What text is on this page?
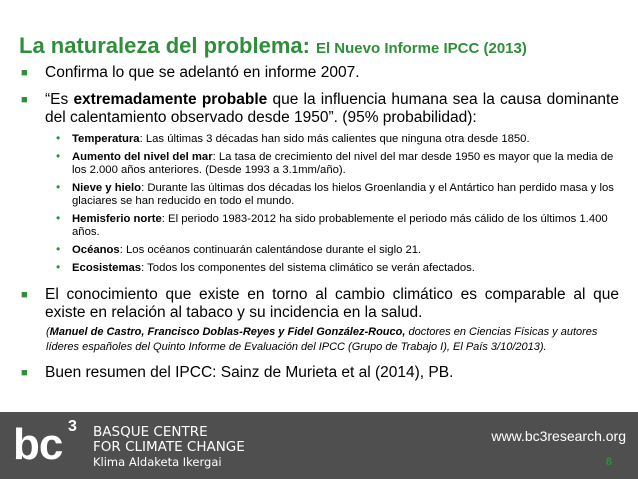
La naturaleza del problema: El Nuevo Informe IPCC (2013)
■ Confirma lo que se adelantó en informe 2007.
■ “Es extremadamente probable que la influencia humana sea la causa dominante del calentamiento observado desde 1950”. (95% probabilidad):
• Temperatura: Las últimas 3 décadas han sido más calientes que ninguna otra desde 1850.
• Aumento del nivel del mar: La tasa de crecimiento del nivel del mar desde 1950 es mayor que la media de los 2.000 años anteriores. (Desde 1993 a 3.1mm/año).
• Nieve y hielo: Durante las últimas dos décadas los hielos Groenlandia y el Antártico han perdido masa y los glaciares se han reducido en todo el mundo.
• Hemisferio norte: El periodo 1983-2012 ha sido probablemente el periodo más cálido de los últimos 1.400 años.
• Océanos: Los océanos continuarán calentándose durante el siglo 21.
• Ecosistemas: Todos los componentes del sistema climático se verán afectados.
■ El conocimiento que existe en torno al cambio climático es comparable al que existe en relación al tabaco y su incidencia en la salud.
(Manuel de Castro, Francisco Doblas-Reyes y Fidel González-Rouco, doctores en Ciencias Físicas y autores líderes españoles del Quinto Informe de Evaluación del IPCC (Grupo de Trabajo I), El País 3/10/2013).
■ Buen resumen del IPCC: Sainz de Murieta et al (2014), PB.
bc 3 BASQUE CENTRE
FOR CLIMATE CHANGE
Klima Aldaketa Ikergai
www.bc3research.org
8
